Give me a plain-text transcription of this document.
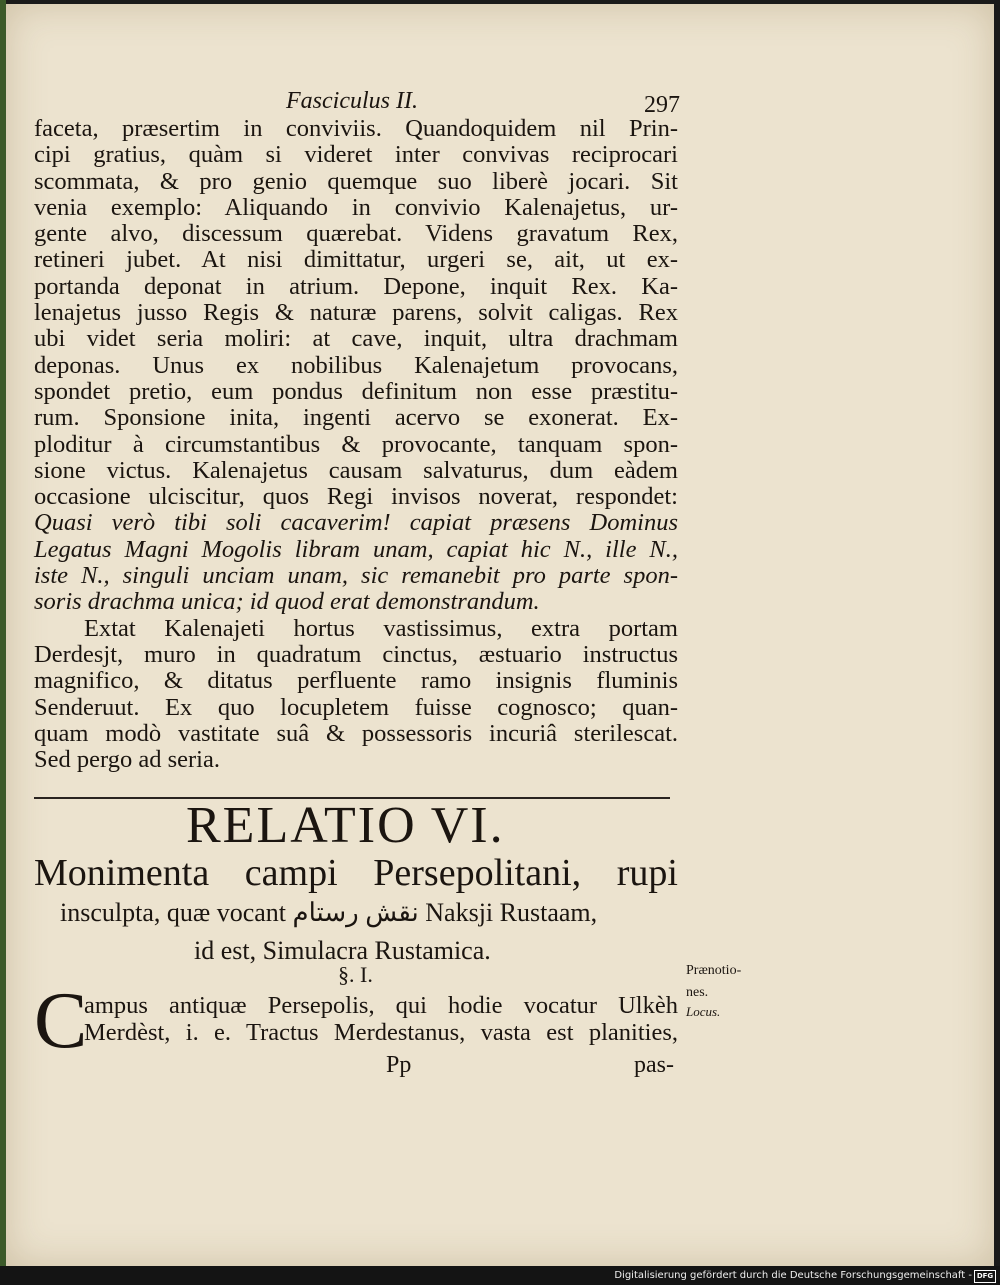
Fasciculus II.	297
faceta, præsertim in conviviis. Quandoquidem nil Prin-
cipi gratius, quàm si videret inter convivas reciprocari
scommata, & pro genio quemque suo liberè jocari. Sit
venia exemplo: Aliquando in convivio Kalenajetus, ur-
gente alvo, discessum quærebat. Videns gravatum Rex,
retineri jubet. At nisi dimittatur, urgeri se, ait, ut ex-
portanda deponat in atrium. Depone, inquit Rex. Ka-
lenajetus jusso Regis & naturæ parens, solvit caligas. Rex
ubi videt seria moliri: at cave, inquit, ultra drachmam
deponas. Unus ex nobilibus Kalenajetum provocans,
spondet pretio, eum pondus definitum non esse præstitu-
rum. Sponsione inita, ingenti acervo se exonerat. Ex-
ploditur à circumstantibus & provocante, tanquam spon-
sione victus. Kalenajetus causam salvaturus, dum eàdem
occasione ulciscitur, quos Regi invisos noverat, respondet:
Quasi verò tibi soli cacaverim! capiat præsens Dominus
Legatus Magni Mogolis libram unam, capiat hic N., ille N.,
iste N., singuli unciam unam, sic remanebit pro parte spon-
soris drachma unica; id quod erat demonstrandum.
Extat Kalenajeti hortus vastissimus, extra portam
Derdesjt, muro in quadratum cinctus, æstuario instructus
magnifico, & ditatus perfluente ramo insignis fluminis
Senderuut. Ex quo locupletem fuisse cognosco; quan-
quam modò vastitate suâ & possessoris incuriâ sterilescat.
Sed pergo ad seria.
RELATIO VI.
Monimenta campi Persepolitani, rupi
insculpta, quæ vocant نقش رستام Naksji Rustaam,
id est, Simulacra Rustamica.
§. I.
C
ampus antiquæ Persepolis, qui hodie vocatur Ulkèh
Merdèst, i. e. Tractus Merdestanus, vasta est planities,
Pp	pas-
Prænotio-
nes.
Locus.
Digitalisierung gefördert durch die Deutsche Forschungsgemeinschaft - DFG
